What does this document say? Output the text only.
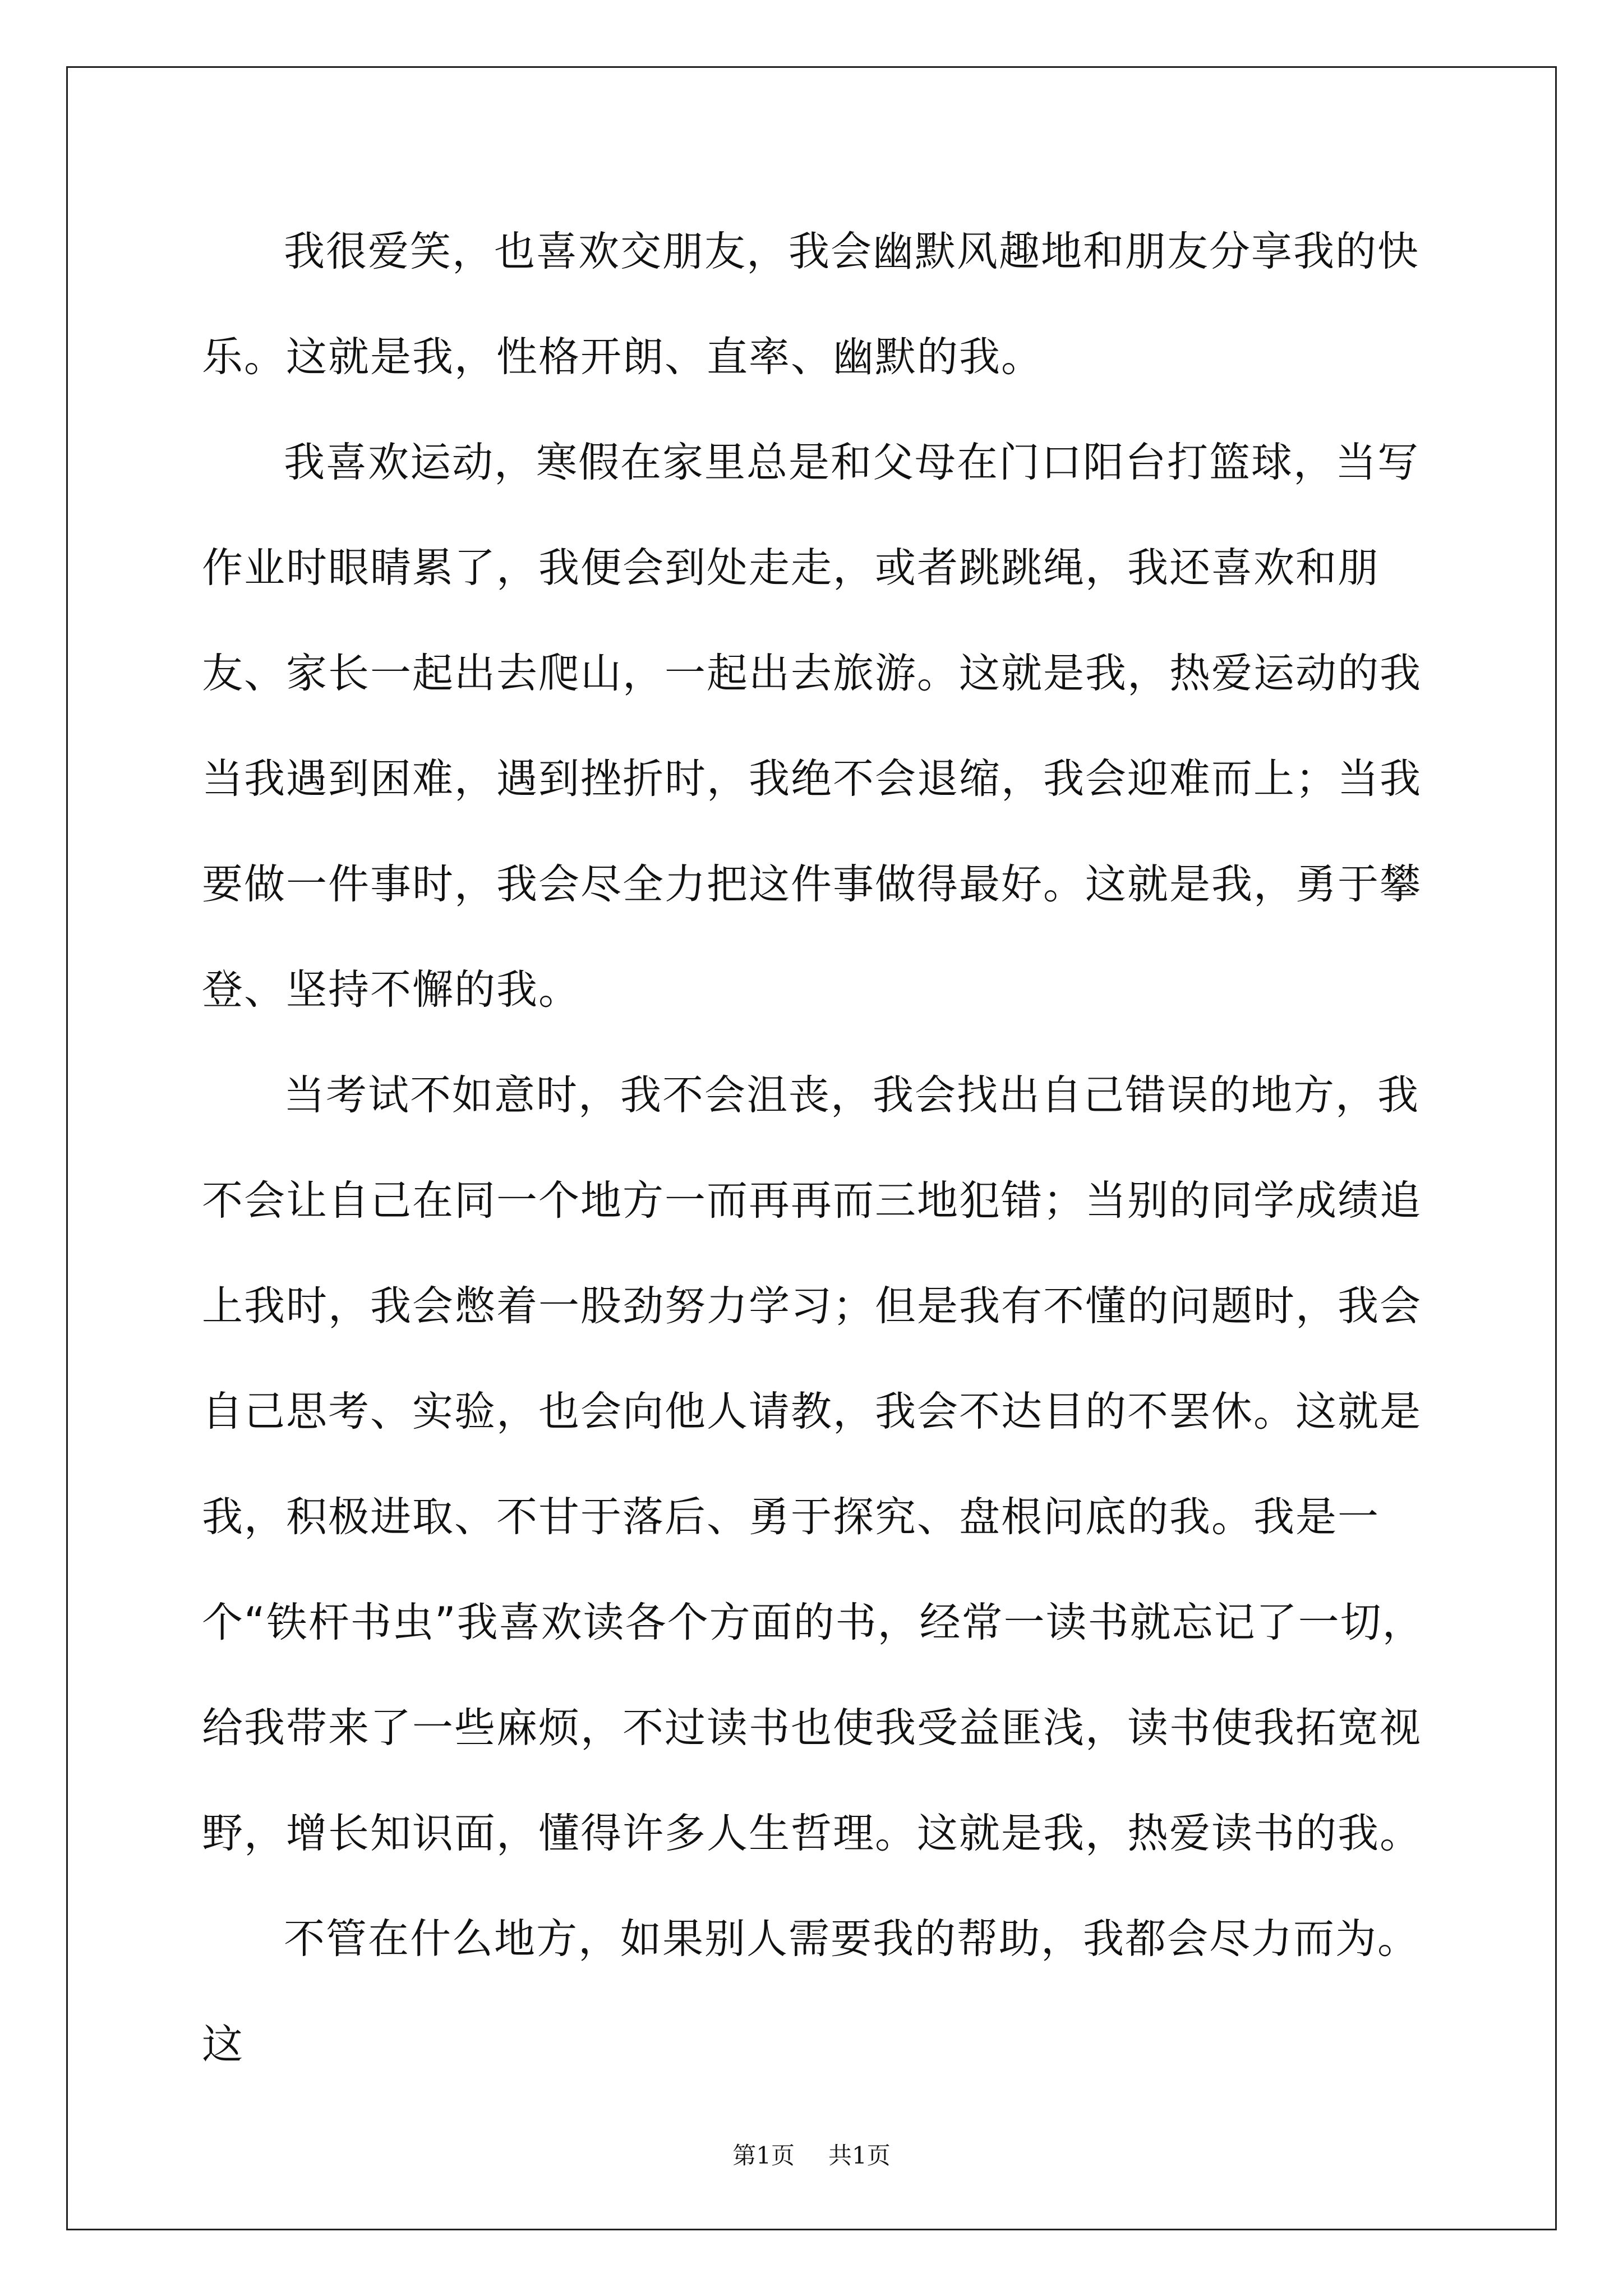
我很爱笑，也喜欢交朋友，我会幽默风趣地和朋友分享我的快乐。这就是我，性格开朗、直率、幽默的我。

我喜欢运动，寒假在家里总是和父母在门口阳台打篮球，当写作业时眼睛累了，我便会到处走走，或者跳跳绳，我还喜欢和朋友、家长一起出去爬山，一起出去旅游。这就是我，热爱运动的我当我遇到困难，遇到挫折时，我绝不会退缩，我会迎难而上；当我要做一件事时，我会尽全力把这件事做得最好。这就是我，勇于攀登、坚持不懈的我。

当考试不如意时，我不会沮丧，我会找出自己错误的地方，我不会让自己在同一个地方一而再再而三地犯错；当别的同学成绩追上我时，我会憋着一股劲努力学习；但是我有不懂的问题时，我会自己思考、实验，也会向他人请教，我会不达目的不罢休。这就是我，积极进取、不甘于落后、勇于探究、盘根问底的我。我是一个“铁杆书虫”我喜欢读各个方面的书，经常一读书就忘记了一切，给我带来了一些麻烦，不过读书也使我受益匪浅，读书使我拓宽视野，增长知识面，懂得许多人生哲理。这就是我，热爱读书的我。

不管在什么地方，如果别人需要我的帮助，我都会尽力而为。这

第1页 共1页
